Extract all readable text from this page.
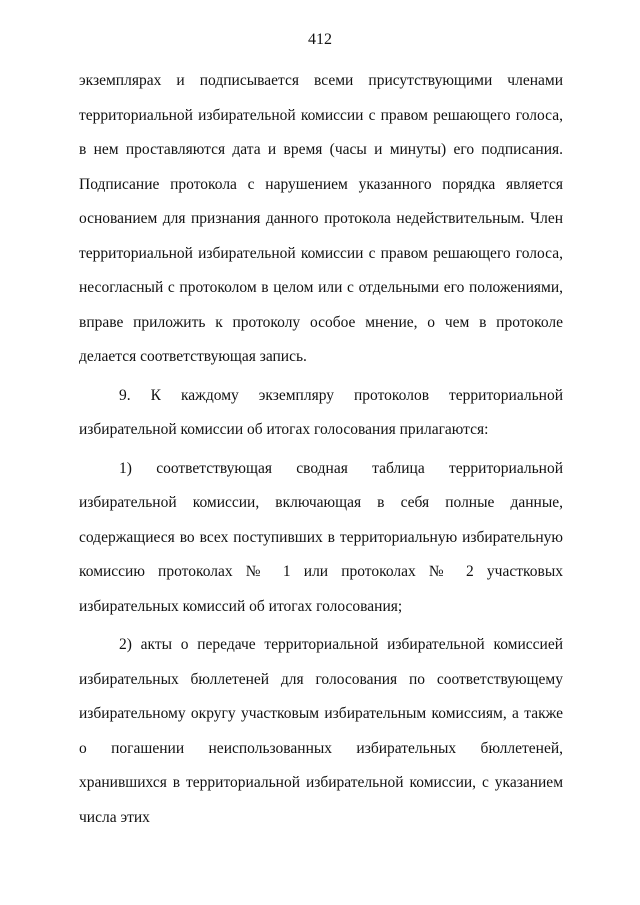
412

экземплярах и подписывается всеми присутствующими членами территориальной избирательной комиссии с правом решающего голоса, в нем проставляются дата и время (часы и минуты) его подписания. Подписание протокола с нарушением указанного порядка является основанием для признания данного протокола недействительным. Член территориальной избирательной комиссии с правом решающего голоса, несогласный с протоколом в целом или с отдельными его положениями, вправе приложить к протоколу особое мнение, о чем в протоколе делается соответствующая запись.

9. К каждому экземпляру протоколов территориальной избирательной комиссии об итогах голосования прилагаются:

1) соответствующая сводная таблица территориальной избирательной комиссии, включающая в себя полные данные, содержащиеся во всех поступивших в территориальную избирательную комиссию протоколах № 1 или протоколах № 2 участковых избирательных комиссий об итогах голосования;

2) акты о передаче территориальной избирательной комиссией избирательных бюллетеней для голосования по соответствующему избирательному округу участковым избирательным комиссиям, а также о погашении неиспользованных избирательных бюллетеней, хранившихся в территориальной избирательной комиссии, с указанием числа этих
